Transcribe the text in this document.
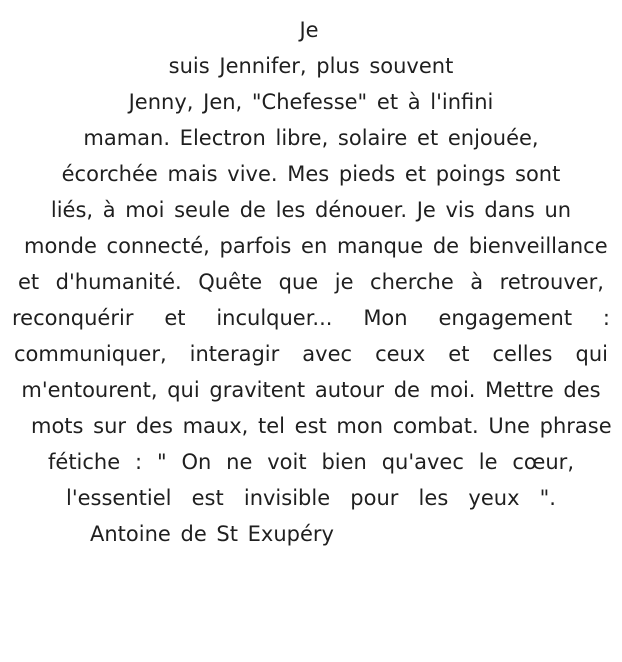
Je
suis Jennifer, plus souvent
Jenny, Jen, "Chefesse" et à l'infini
maman. Electron libre, solaire et enjouée,
écorchée mais vive. Mes pieds et poings sont
liés, à moi seule de les dénouer. Je vis dans un
monde connecté, parfois en manque de bienveillance
et d'humanité. Quête que je cherche à retrouver,
reconquérir et inculquer... Mon engagement :
communiquer, interagir avec ceux et celles qui
m'entourent, qui gravitent autour de moi. Mettre des
mots sur des maux, tel est mon combat. Une phrase
fétiche : " On ne voit bien qu'avec le cœur,
l'essentiel est invisible pour les yeux ".
Antoine de St Exupéry
